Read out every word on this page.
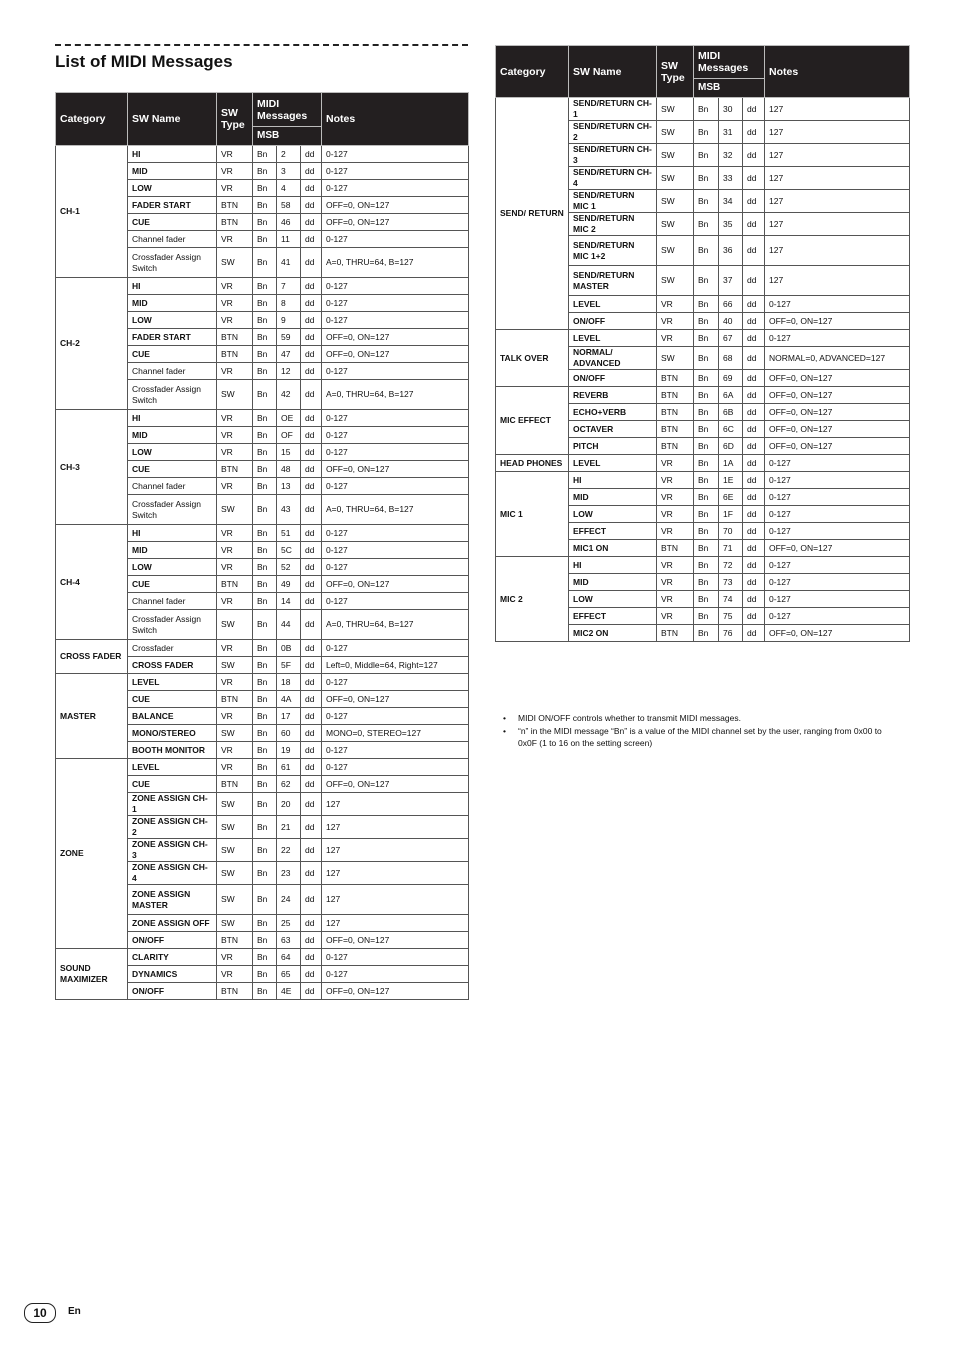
List of MIDI Messages
Category	SW Name	SW Type	MIDI Messages			Notes
			MSB			
CH-1	HI	VR	Bn	2	dd	0-127
	MID	VR	Bn	3	dd	0-127
	LOW	VR	Bn	4	dd	0-127
	FADER START	BTN	Bn	58	dd	OFF=0, ON=127
	CUE	BTN	Bn	46	dd	OFF=0, ON=127
	Channel fader	VR	Bn	11	dd	0-127
	Crossfader Assign Switch	SW	Bn	41	dd	A=0, THRU=64, B=127
CH-2	HI	VR	Bn	7	dd	0-127
	MID	VR	Bn	8	dd	0-127
	LOW	VR	Bn	9	dd	0-127
	FADER START	BTN	Bn	59	dd	OFF=0, ON=127
	CUE	BTN	Bn	47	dd	OFF=0, ON=127
	Channel fader	VR	Bn	12	dd	0-127
	Crossfader Assign Switch	SW	Bn	42	dd	A=0, THRU=64, B=127
CH-3	HI	VR	Bn	OE	dd	0-127
	MID	VR	Bn	OF	dd	0-127
	LOW	VR	Bn	15	dd	0-127
	CUE	BTN	Bn	48	dd	OFF=0, ON=127
	Channel fader	VR	Bn	13	dd	0-127
	Crossfader Assign Switch	SW	Bn	43	dd	A=0, THRU=64, B=127
CH-4	HI	VR	Bn	51	dd	0-127
	MID	VR	Bn	5C	dd	0-127
	LOW	VR	Bn	52	dd	0-127
	CUE	BTN	Bn	49	dd	OFF=0, ON=127
	Channel fader	VR	Bn	14	dd	0-127
	Crossfader Assign Switch	SW	Bn	44	dd	A=0, THRU=64, B=127
CROSS FADER	Crossfader	VR	Bn	0B	dd	0-127
	CROSS FADER	SW	Bn	5F	dd	Left=0, Middle=64, Right=127
MASTER	LEVEL	VR	Bn	18	dd	0-127
	CUE	BTN	Bn	4A	dd	OFF=0, ON=127
	BALANCE	VR	Bn	17	dd	0-127
	MONO/STEREO	SW	Bn	60	dd	MONO=0, STEREO=127
	BOOTH MONITOR	VR	Bn	19	dd	0-127
ZONE	LEVEL	VR	Bn	61	dd	0-127
	CUE	BTN	Bn	62	dd	OFF=0, ON=127
	ZONE ASSIGN CH-1	SW	Bn	20	dd	127
	ZONE ASSIGN CH-2	SW	Bn	21	dd	127
	ZONE ASSIGN CH-3	SW	Bn	22	dd	127
	ZONE ASSIGN CH-4	SW	Bn	23	dd	127
	ZONE ASSIGN MASTER	SW	Bn	24	dd	127
	ZONE ASSIGN OFF	SW	Bn	25	dd	127
	ON/OFF	BTN	Bn	63	dd	OFF=0, ON=127
SOUND MAXIMIZER	CLARITY	VR	Bn	64	dd	0-127
	DYNAMICS	VR	Bn	65	dd	0-127
	ON/OFF	BTN	Bn	4E	dd	OFF=0, ON=127
Category	SW Name	SW Type	MIDI Messages			Notes
			MSB			
SEND/ RETURN	SEND/RETURN CH-1	SW	Bn	30	dd	127
	SEND/RETURN CH-2	SW	Bn	31	dd	127
	SEND/RETURN CH-3	SW	Bn	32	dd	127
	SEND/RETURN CH-4	SW	Bn	33	dd	127
	SEND/RETURN MIC 1	SW	Bn	34	dd	127
	SEND/RETURN MIC 2	SW	Bn	35	dd	127
	SEND/RETURN MIC 1+2	SW	Bn	36	dd	127
	SEND/RETURN MASTER	SW	Bn	37	dd	127
	LEVEL	VR	Bn	66	dd	0-127
	ON/OFF	VR	Bn	40	dd	OFF=0, ON=127
TALK OVER	LEVEL	VR	Bn	67	dd	0-127
	NORMAL/ ADVANCED	SW	Bn	68	dd	NORMAL=0, ADVANCED=127
	ON/OFF	BTN	Bn	69	dd	OFF=0, ON=127
MIC EFFECT	REVERB	BTN	Bn	6A	dd	OFF=0, ON=127
	ECHO+VERB	BTN	Bn	6B	dd	OFF=0, ON=127
	OCTAVER	BTN	Bn	6C	dd	OFF=0, ON=127
	PITCH	BTN	Bn	6D	dd	OFF=0, ON=127
HEAD PHONES	LEVEL	VR	Bn	1A	dd	0-127
MIC 1	HI	VR	Bn	1E	dd	0-127
	MID	VR	Bn	6E	dd	0-127
	LOW	VR	Bn	1F	dd	0-127
	EFFECT	VR	Bn	70	dd	0-127
	MIC1 ON	BTN	Bn	71	dd	OFF=0, ON=127
MIC 2	HI	VR	Bn	72	dd	0-127
	MID	VR	Bn	73	dd	0-127
	LOW	VR	Bn	74	dd	0-127
	EFFECT	VR	Bn	75	dd	0-127
	MIC2 ON	BTN	Bn	76	dd	OFF=0, ON=127
• MIDI ON/OFF controls whether to transmit MIDI messages.
• “n” in the MIDI message “Bn” is a value of the MIDI channel set by the user, ranging from 0x00 to 0x0F (1 to 16 on the setting screen)
10	En
